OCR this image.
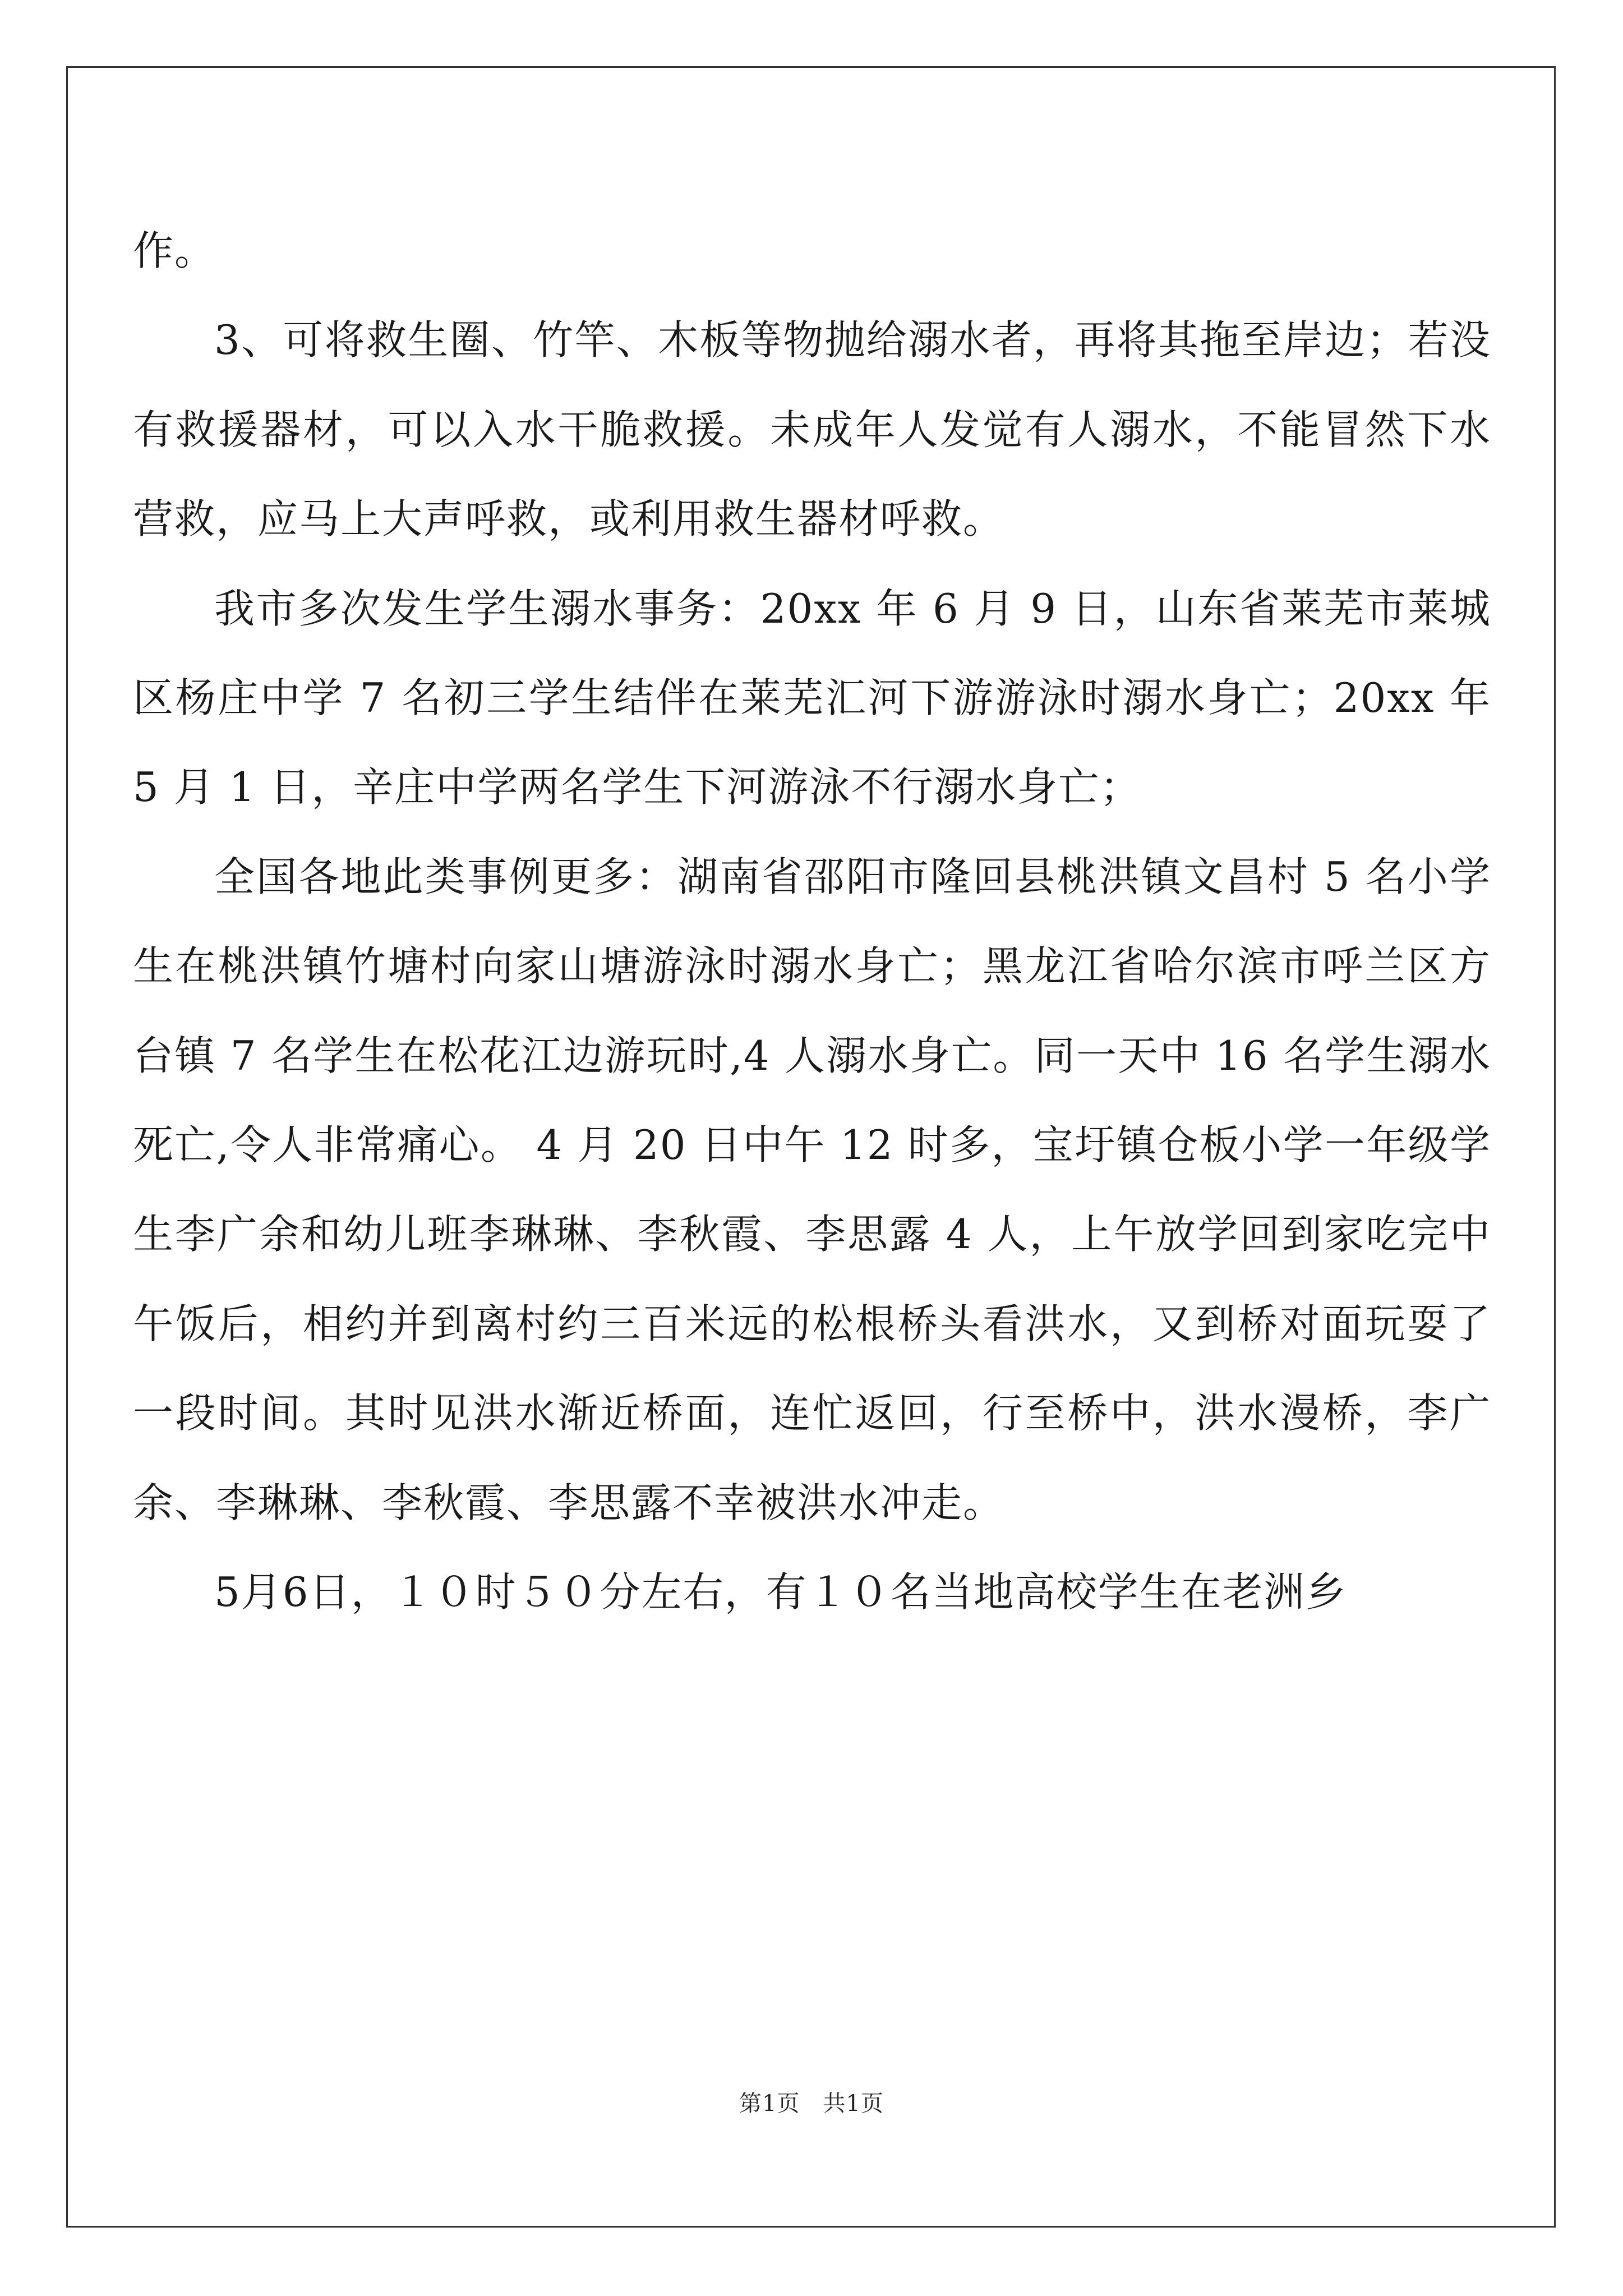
作。

3、可将救生圈、竹竿、木板等物抛给溺水者，再将其拖至岸边；若没有救援器材，可以入水干脆救援。未成年人发觉有人溺水，不能冒然下水营救，应马上大声呼救，或利用救生器材呼救。

我市多次发生学生溺水事务：20xx 年 6 月 9 日，山东省莱芜市莱城区杨庄中学 7 名初三学生结伴在莱芜汇河下游游泳时溺水身亡；20xx 年 5 月 1 日，辛庄中学两名学生下河游泳不行溺水身亡；

全国各地此类事例更多：湖南省邵阳市隆回县桃洪镇文昌村 5 名小学生在桃洪镇竹塘村向家山塘游泳时溺水身亡；黑龙江省哈尔滨市呼兰区方台镇 7 名学生在松花江边游玩时,4 人溺水身亡。同一天中 16 名学生溺水死亡,令人非常痛心。 4 月 20 日中午 12 时多，宝圩镇仓板小学一年级学生李广余和幼儿班李琳琳、李秋霞、李思露 4 人，上午放学回到家吃完中午饭后，相约并到离村约三百米远的松根桥头看洪水，又到桥对面玩耍了一段时间。其时见洪水渐近桥面，连忙返回，行至桥中，洪水漫桥，李广余、李琳琳、李秋霞、李思露不幸被洪水冲走。

5月6日，１０时５０分左右，有１０名当地高校学生在老洲乡

第1页　共1页
